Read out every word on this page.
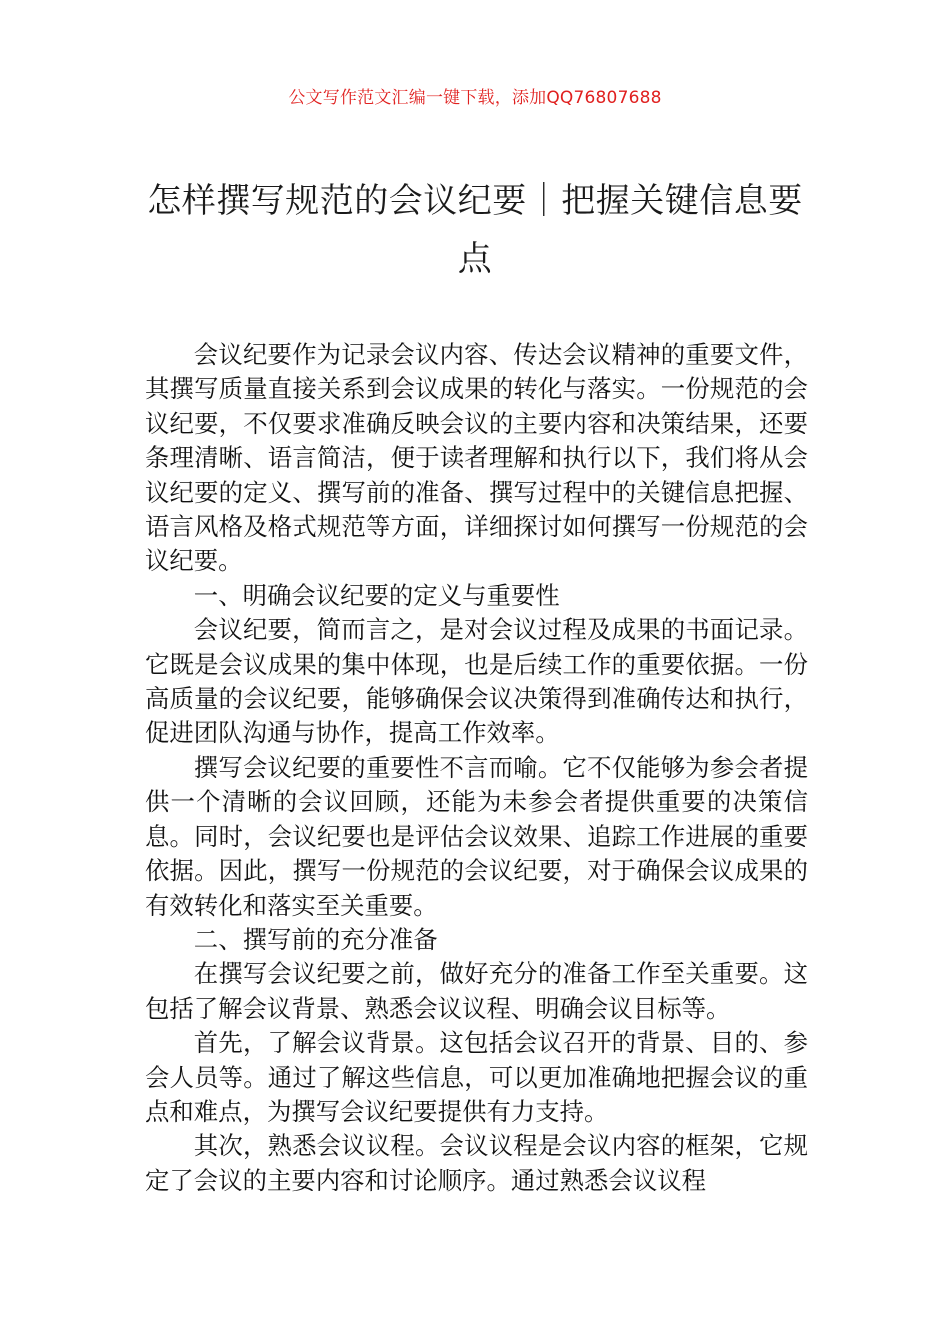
公文写作范文汇编一键下载，添加QQ76807688
怎样撰写规范的会议纪要｜把握关键信息要点

会议纪要作为记录会议内容、传达会议精神的重要文件，其撰写质量直接关系到会议成果的转化与落实。一份规范的会议纪要，不仅要求准确反映会议的主要内容和决策结果，还要条理清晰、语言简洁，便于读者理解和执行以下，我们将从会议纪要的定义、撰写前的准备、撰写过程中的关键信息把握、语言风格及格式规范等方面，详细探讨如何撰写一份规范的会议纪要。

一、明确会议纪要的定义与重要性

会议纪要，简而言之，是对会议过程及成果的书面记录。它既是会议成果的集中体现，也是后续工作的重要依据。一份高质量的会议纪要，能够确保会议决策得到准确传达和执行，促进团队沟通与协作，提高工作效率。

撰写会议纪要的重要性不言而喻。它不仅能够为参会者提供一个清晰的会议回顾，还能为未参会者提供重要的决策信息。同时，会议纪要也是评估会议效果、追踪工作进展的重要依据。因此，撰写一份规范的会议纪要，对于确保会议成果的有效转化和落实至关重要。

二、撰写前的充分准备

在撰写会议纪要之前，做好充分的准备工作至关重要。这包括了解会议背景、熟悉会议议程、明确会议目标等。

首先，了解会议背景。这包括会议召开的背景、目的、参会人员等。通过了解这些信息，可以更加准确地把握会议的重点和难点，为撰写会议纪要提供有力支持。

其次，熟悉会议议程。会议议程是会议内容的框架，它规定了会议的主要内容和讨论顺序。通过熟悉会议议程
